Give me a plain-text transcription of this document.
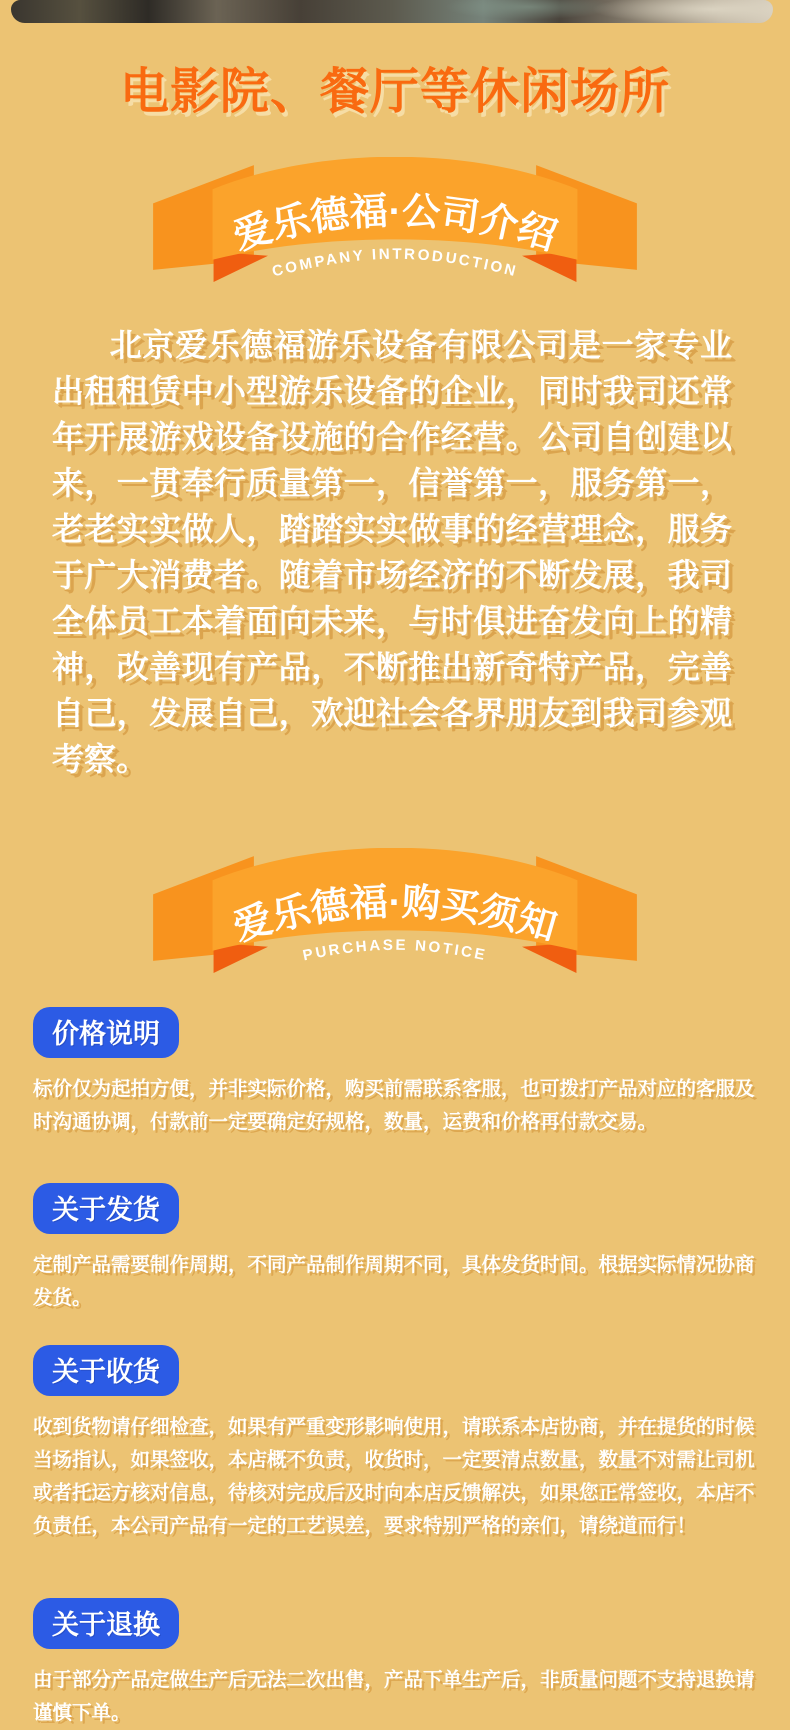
电影院、餐厅等休闲场所
爱乐德福·公司介绍
COMPANY INTRODUCTION

北京爱乐德福游乐设备有限公司是一家专业出租租赁中小型游乐设备的企业，同时我司还常年开展游戏设备设施的合作经营。公司自创建以来，一贯奉行质量第一，信誉第一，服务第一，老老实实做人，踏踏实实做事的经营理念，服务于广大消费者。随着市场经济的不断发展，我司全体员工本着面向未来，与时俱进奋发向上的精神，改善现有产品，不断推出新奇特产品，完善自己，发展自己，欢迎社会各界朋友到我司参观考察。

爱乐德福·购买须知
PURCHASE NOTICE
价格说明

标价仅为起拍方便，并非实际价格，购买前需联系客服，也可拨打产品对应的客服及时沟通协调，付款前一定要确定好规格，数量，运费和价格再付款交易。

关于发货

定制产品需要制作周期，不同产品制作周期不同，具体发货时间。根据实际情况协商发货。

关于收货

收到货物请仔细检查，如果有严重变形影响使用，请联系本店协商，并在提货的时候当场指认，如果签收，本店概不负责，收货时，一定要清点数量，数量不对需让司机或者托运方核对信息，待核对完成后及时向本店反馈解决，如果您正常签收，本店不负责任，本公司产品有一定的工艺误差，要求特别严格的亲们，请绕道而行！

关于退换

由于部分产品定做生产后无法二次出售，产品下单生产后，非质量问题不支持退换请谨慎下单。
